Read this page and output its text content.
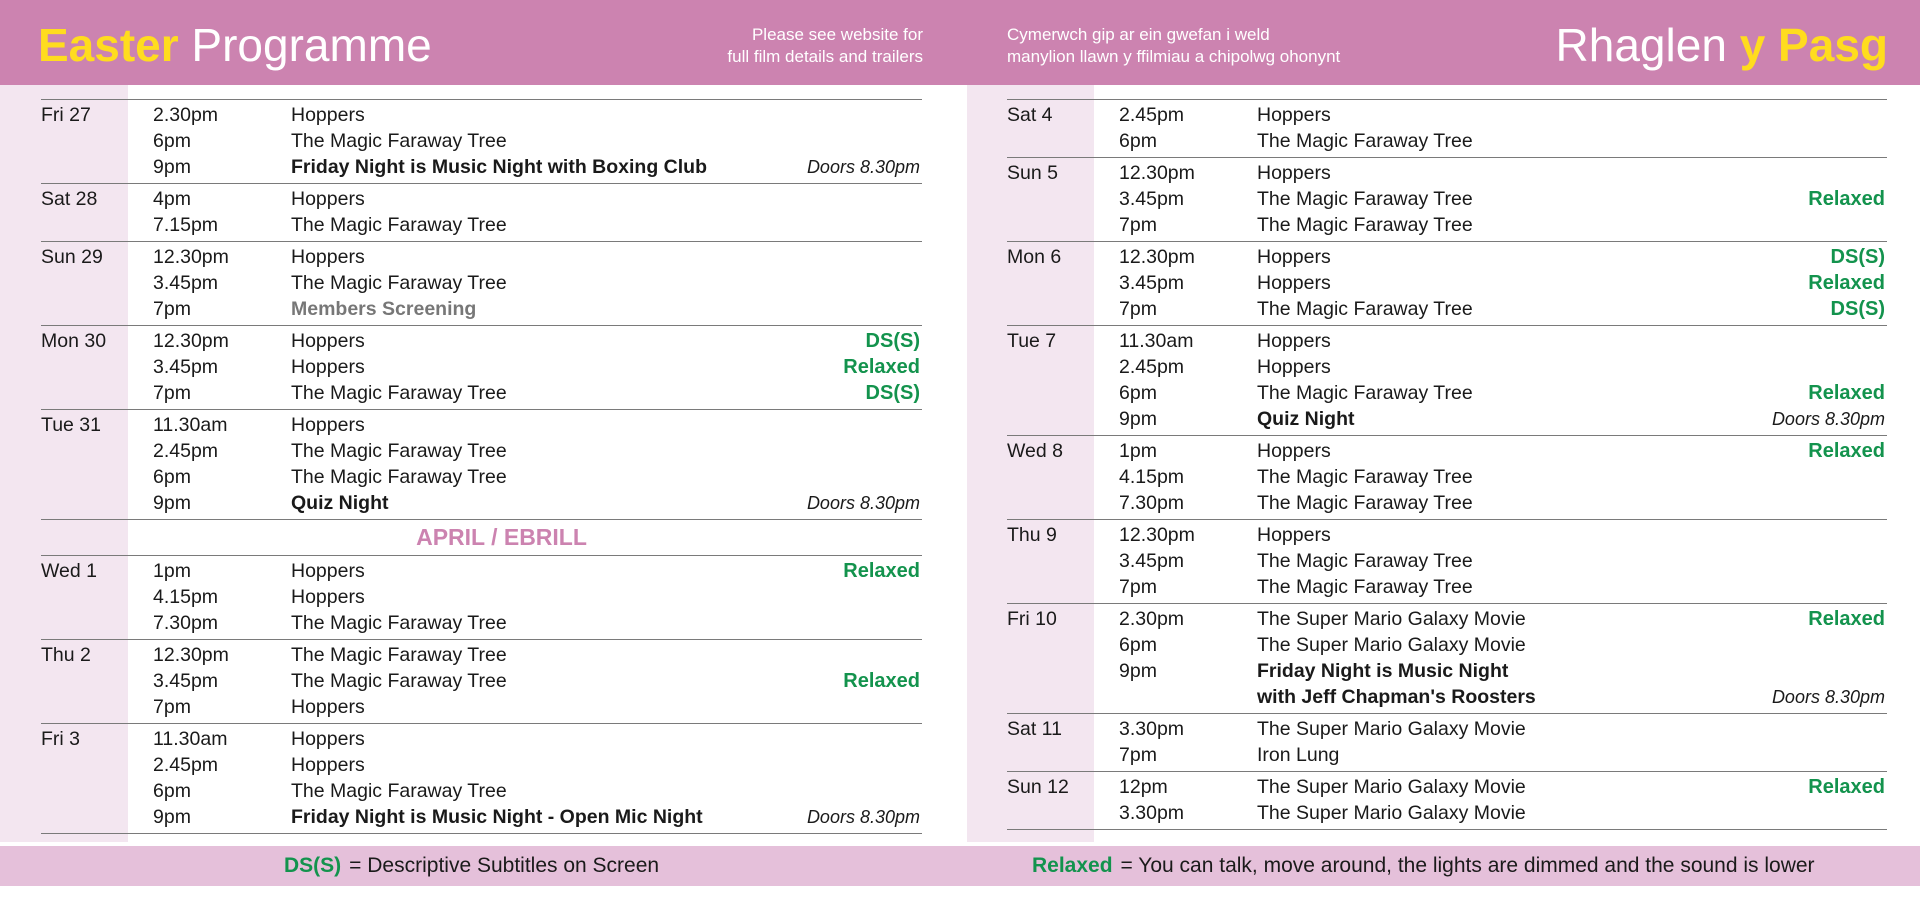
Easter Programme	Please see website for
full film details and trailers
Cymerwch gip ar ein gwefan i weld
manylion llawn y ffilmiau a chipolwg ohonynt	Rhaglen y Pasg
Fri 27	2.30pm	Hoppers
6pm	The Magic Faraway Tree
9pm	Friday Night is Music Night with Boxing Club	Doors 8.30pm
Sat 28	4pm	Hoppers
7.15pm	The Magic Faraway Tree
Sun 29	12.30pm	Hoppers
3.45pm	The Magic Faraway Tree
7pm	Members Screening
Mon 30	12.30pm	Hoppers	DS(S)
3.45pm	Hoppers	Relaxed
7pm	The Magic Faraway Tree	DS(S)
Tue 31	11.30am	Hoppers
2.45pm	The Magic Faraway Tree
6pm	The Magic Faraway Tree
9pm	Quiz Night	Doors 8.30pm
APRIL / EBRILL
Wed 1	1pm	Hoppers	Relaxed
4.15pm	Hoppers
7.30pm	The Magic Faraway Tree
Thu 2	12.30pm	The Magic Faraway Tree
3.45pm	The Magic Faraway Tree	Relaxed
7pm	Hoppers
Fri 3	11.30am	Hoppers
2.45pm	Hoppers
6pm	The Magic Faraway Tree
9pm	Friday Night is Music Night - Open Mic Night	Doors 8.30pm
Sat 4	2.45pm	Hoppers
6pm	The Magic Faraway Tree
Sun 5	12.30pm	Hoppers
3.45pm	The Magic Faraway Tree	Relaxed
7pm	The Magic Faraway Tree
Mon 6	12.30pm	Hoppers	DS(S)
3.45pm	Hoppers	Relaxed
7pm	The Magic Faraway Tree	DS(S)
Tue 7	11.30am	Hoppers
2.45pm	Hoppers
6pm	The Magic Faraway Tree	Relaxed
9pm	Quiz Night	Doors 8.30pm
Wed 8	1pm	Hoppers	Relaxed
4.15pm	The Magic Faraway Tree
7.30pm	The Magic Faraway Tree
Thu 9	12.30pm	Hoppers
3.45pm	The Magic Faraway Tree
7pm	The Magic Faraway Tree
Fri 10	2.30pm	The Super Mario Galaxy Movie	Relaxed
6pm	The Super Mario Galaxy Movie
9pm	Friday Night is Music Night
with Jeff Chapman's Roosters	Doors 8.30pm
Sat 11	3.30pm	The Super Mario Galaxy Movie
7pm	Iron Lung
Sun 12	12pm	The Super Mario Galaxy Movie	Relaxed
3.30pm	The Super Mario Galaxy Movie
DS(S) = Descriptive Subtitles on Screen	Relaxed = You can talk, move around, the lights are dimmed and the sound is lower
